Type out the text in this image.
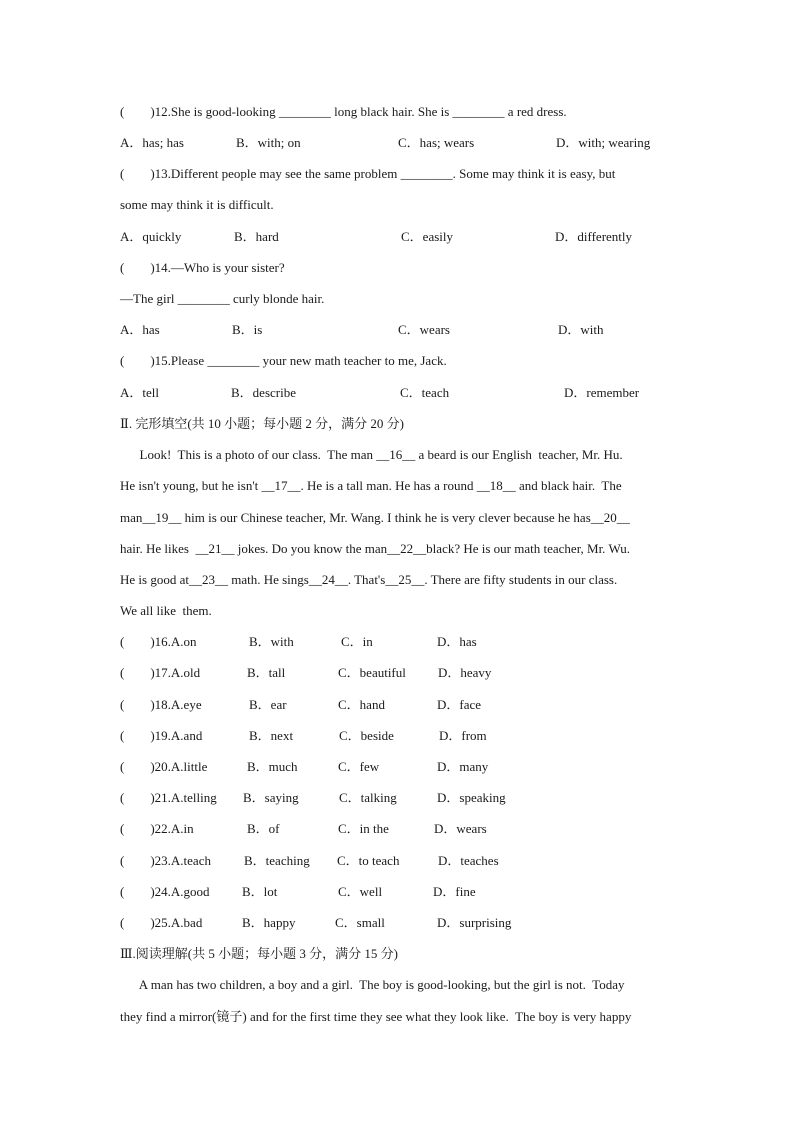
(        )12.She is good-looking ________ long black hair. She is ________ a red dress.
A．has; has	B．with; on	C．has; wears	D．with; wearing
(        )13.Different people may see the same problem ________. Some may think it is easy, but
some may think it is difficult.
A．quickly	B．hard	C．easily	D．differently
(        )14.—Who is your sister?
—The girl ________ curly blonde hair.
A．has	B．is	C．wears	D．with
(        )15.Please ________ your new math teacher to me, Jack.
A．tell	B．describe	C．teach	D．remember
Ⅱ. 完形填空(共 10 小题；每小题 2 分，满分 20 分)
Look!  This is a photo of our class.  The man __16__ a beard is our English  teacher, Mr. Hu.
He isn't young, but he isn't __17__. He is a tall man. He has a round __18__ and black hair.  The
man__19__ him is our Chinese teacher, Mr. Wang. I think he is very clever because he has__20__
hair. He likes  __21__ jokes. Do you know the man__22__black? He is our math teacher, Mr. Wu.
He is good at__23__ math. He sings__24__. That's__25__. There are fifty students in our class.
We all like  them.
(        )16.A.on	B．with	C．in	D．has
(        )17.A.old	B．tall	C．beautiful D．heavy
(        )18.A.eye	B．ear	C．hand	D．face
(        )19.A.and	B．next	C．beside	D．from
(        )20.A.little	B．much	C．few	D．many
(        )21.A.telling B．saying	C．talking	D．speaking
(        )22.A.in	B．of	C．in the	D．wears
(        )23.A.teach	B．teaching C．to teach	D．teaches
(        )24.A.good B．lot	C．well	D．fine
(        )25.A.bad	B．happy	C．small	D．surprising
Ⅲ.阅读理解(共 5 小题；每小题 3 分，满分 15 分)
A man has two children, a boy and a girl.  The boy is good-looking, but the girl is not.  Today
they find a mirror(镜子) and for the first time they see what they look like.  The boy is very happy
